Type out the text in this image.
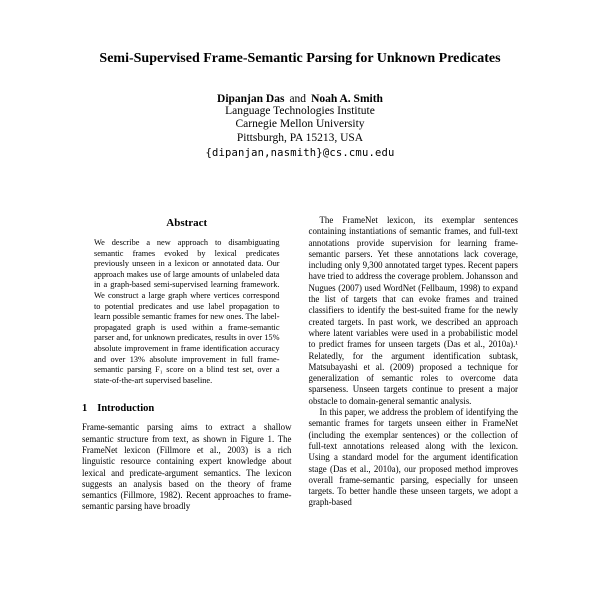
Semi-Supervised Frame-Semantic Parsing for Unknown Predicates
Dipanjan Das and Noah A. Smith
Language Technologies Institute
Carnegie Mellon University
Pittsburgh, PA 15213, USA
{dipanjan,nasmith}@cs.cmu.edu
Abstract

We describe a new approach to disambiguating semantic frames evoked by lexical predicates previously unseen in a lexicon or annotated data. Our approach makes use of large amounts of unlabeled data in a graph-based semi-supervised learning framework. We construct a large graph where vertices correspond to potential predicates and use label propagation to learn possible semantic frames for new ones. The label-propagated graph is used within a frame-semantic parser and, for unknown predicates, results in over 15% absolute improvement in frame identification accuracy and over 13% absolute improvement in full frame-semantic parsing F₁ score on a blind test set, over a state-of-the-art supervised baseline.

1 Introduction

Frame-semantic parsing aims to extract a shallow semantic structure from text, as shown in Figure 1. The FrameNet lexicon (Fillmore et al., 2003) is a rich linguistic resource containing expert knowledge about lexical and predicate-argument semantics. The lexicon suggests an analysis based on the theory of frame semantics (Fillmore, 1982). Recent approaches to frame-semantic parsing have broadly

The FrameNet lexicon, its exemplar sentences containing instantiations of semantic frames, and full-text annotations provide supervision for learning frame-semantic parsers. Yet these annotations lack coverage, including only 9,300 annotated target types. Recent papers have tried to address the coverage problem. Johansson and Nugues (2007) used WordNet (Fellbaum, 1998) to expand the list of targets that can evoke frames and trained classifiers to identify the best-suited frame for the newly created targets. In past work, we described an approach where latent variables were used in a probabilistic model to predict frames for unseen targets (Das et al., 2010a).¹ Relatedly, for the argument identification subtask, Matsubayashi et al. (2009) proposed a technique for generalization of semantic roles to overcome data sparseness. Unseen targets continue to present a major obstacle to domain-general semantic analysis.

In this paper, we address the problem of identifying the semantic frames for targets unseen either in FrameNet (including the exemplar sentences) or the collection of full-text annotations released along with the lexicon. Using a standard model for the argument identification stage (Das et al., 2010a), our proposed method improves overall frame-semantic parsing, especially for unseen targets. To better handle these unseen targets, we adopt a graph-based
